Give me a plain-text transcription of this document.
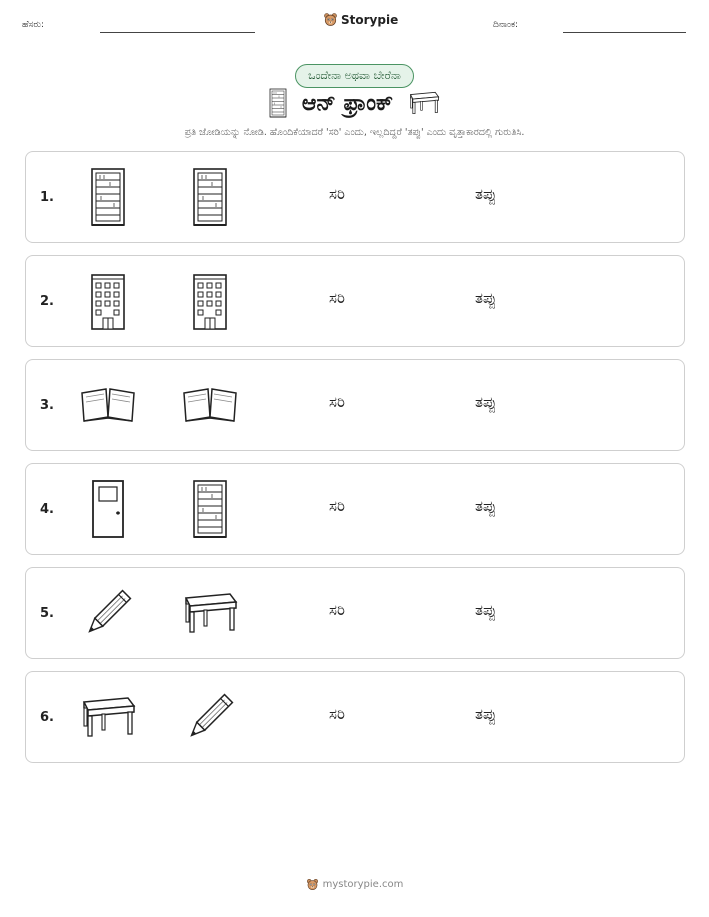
ಹೆಸರು:	Storypie	ದಿನಾಂಕ:
ಒಂದೇನಾ ಅಥವಾ ಬೇರೆನಾ
ಆನ್ ಫ್ರಾಂಕ್
ಪ್ರತಿ ಜೋಡಿಯನ್ನು ನೋಡಿ. ಹೊಂದಿಕೆಯಾದರೆ 'ಸರಿ' ಎಂದು, ಇಲ್ಲದಿದ್ದರೆ 'ತಪ್ಪು' ಎಂದು ವೃತ್ತಾಕಾರದಲ್ಲಿ ಗುರುತಿಸಿ.
1.	ಸರಿ	ತಪ್ಪು
2.	ಸರಿ	ತಪ್ಪು
3.	ಸರಿ	ತಪ್ಪು
4.	ಸರಿ	ತಪ್ಪು
5.	ಸರಿ	ತಪ್ಪು
6.	ಸರಿ	ತಪ್ಪು
mystorypie.com
